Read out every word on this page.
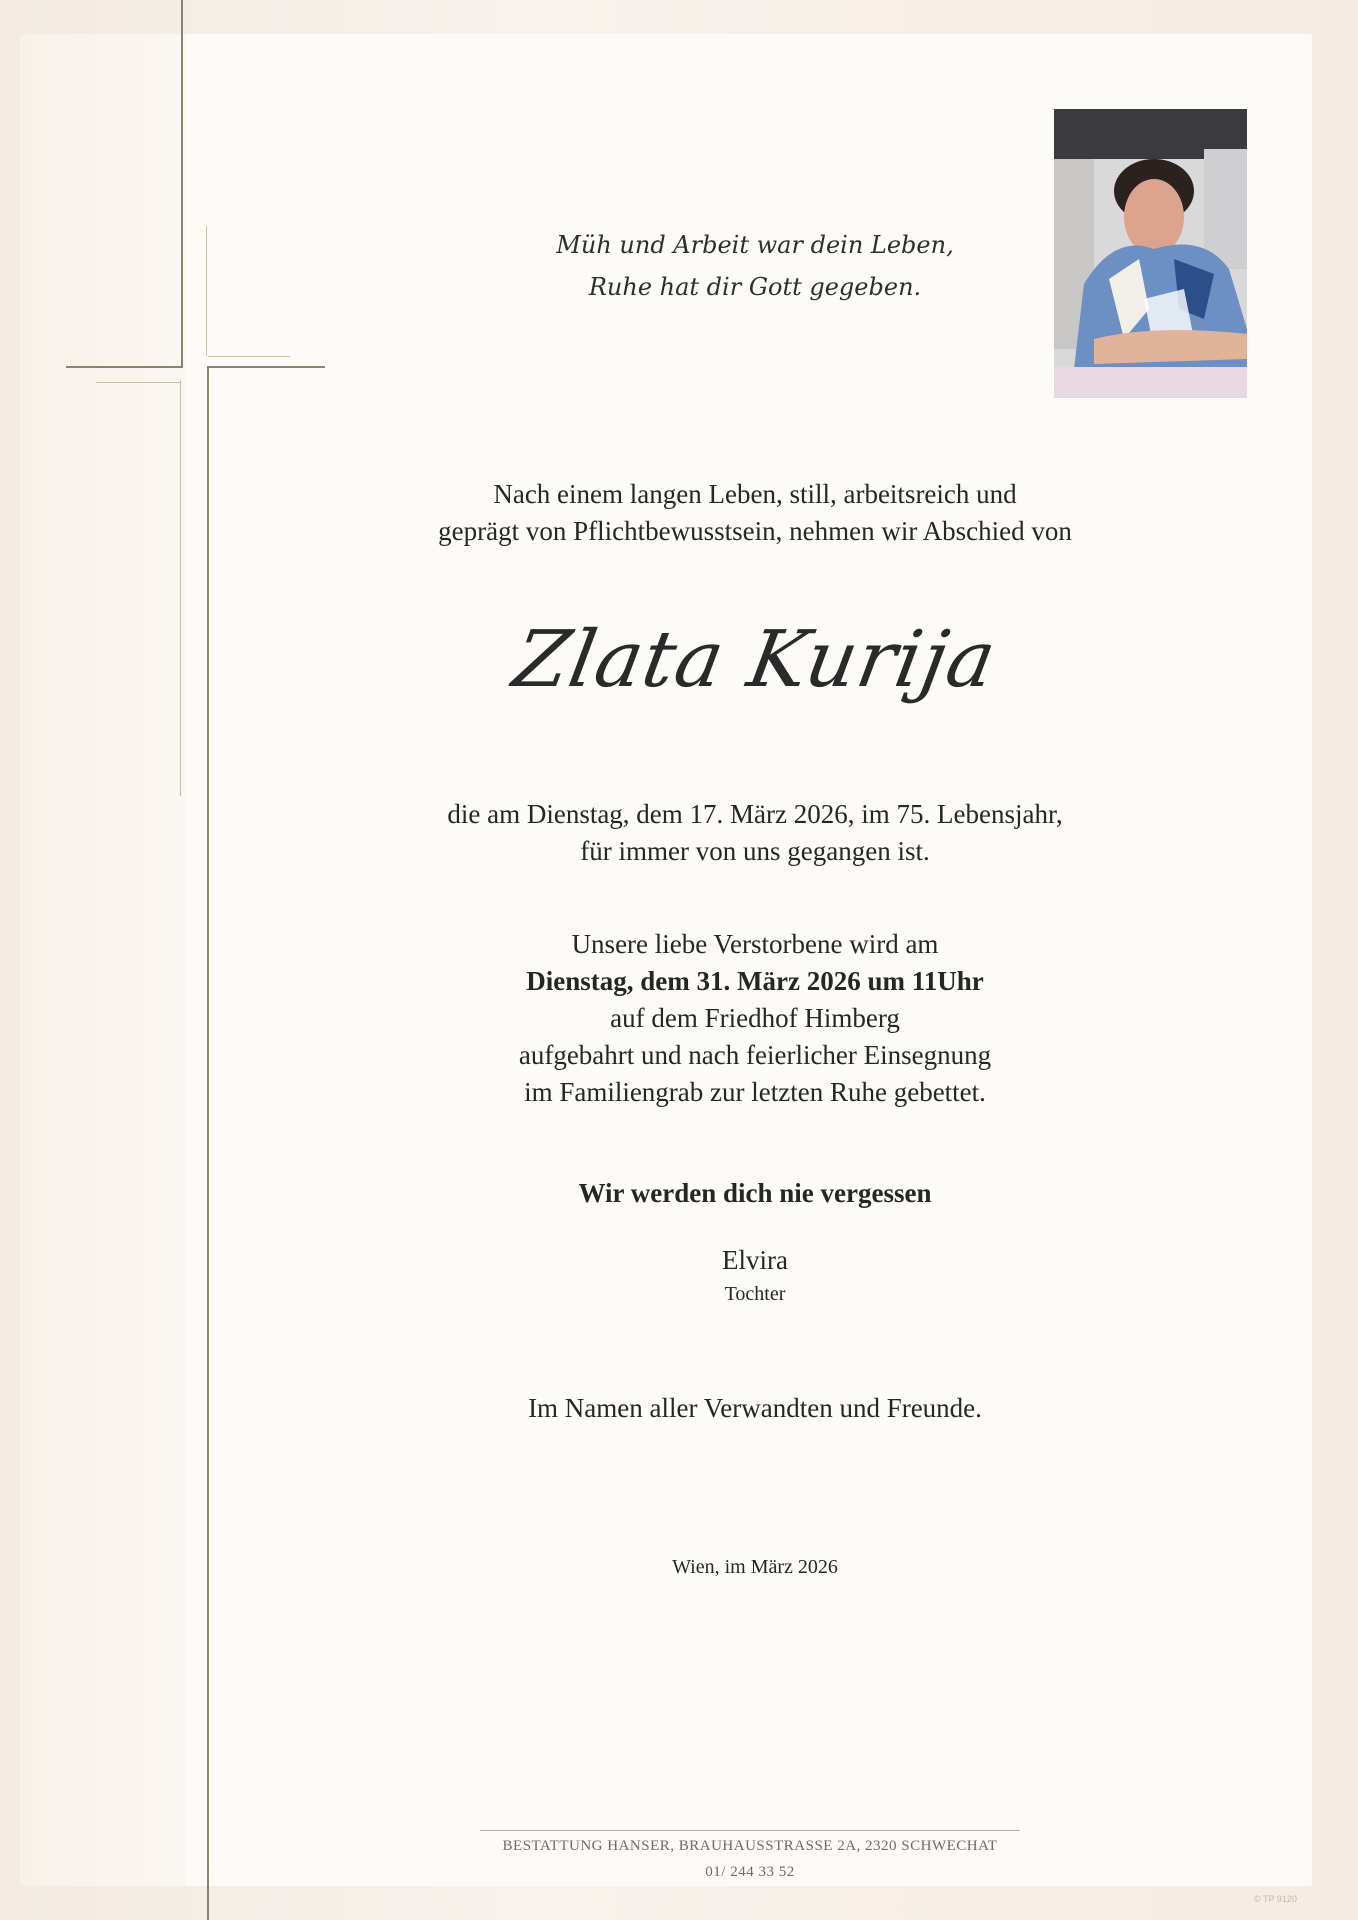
Müh und Arbeit war dein Leben,
Ruhe hat dir Gott gegeben.
Nach einem langen Leben, still, arbeitsreich und
geprägt von Pflichtbewusstsein, nehmen wir Abschied von
Zlata Kurija
die am Dienstag, dem 17. März 2026, im 75. Lebensjahr,
für immer von uns gegangen ist.
Unsere liebe Verstorbene wird am
Dienstag, dem 31. März 2026 um 11Uhr
auf dem Friedhof Himberg
aufgebahrt und nach feierlicher Einsegnung
im Familiengrab zur letzten Ruhe gebettet.
Wir werden dich nie vergessen
Elvira
Tochter
Im Namen aller Verwandten und Freunde.
Wien, im März 2026
BESTATTUNG HANSER, BRAUHAUSSTRASSE 2A, 2320 SCHWECHAT
01/ 244 33 52
© TP 9120
